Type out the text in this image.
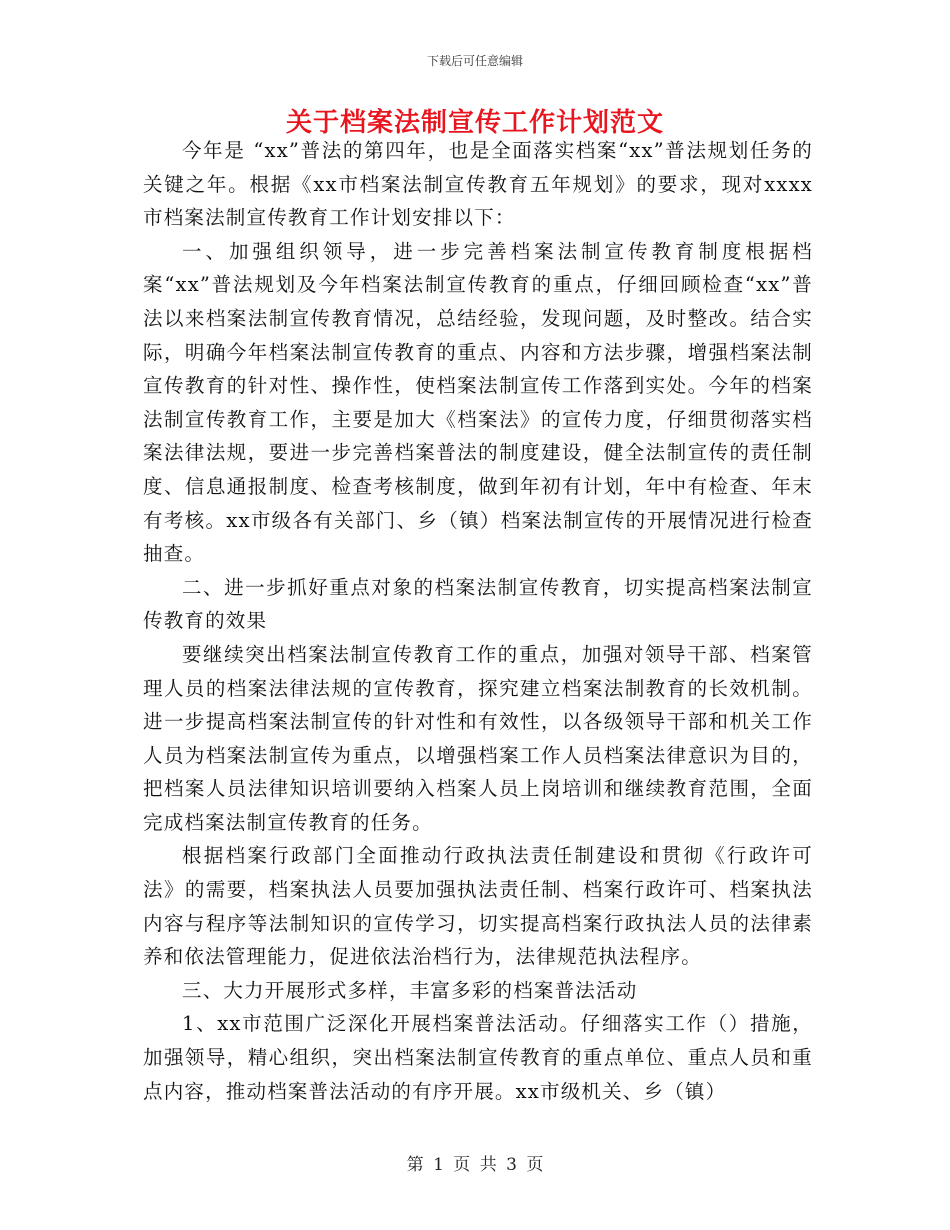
下载后可任意编辑
关于档案法制宣传工作计划范文

今年是 “xx”普法的第四年，也是全面落实档案“xx”普法规划任务的关键之年。根据《xx市档案法制宣传教育五年规划》的要求，现对xxxx市档案法制宣传教育工作计划安排以下：

一、加强组织领导，进一步完善档案法制宣传教育制度根据档案“xx”普法规划及今年档案法制宣传教育的重点，仔细回顾检查“xx”普法以来档案法制宣传教育情况，总结经验，发现问题，及时整改。结合实际，明确今年档案法制宣传教育的重点、内容和方法步骤，增强档案法制宣传教育的针对性、操作性，使档案法制宣传工作落到实处。今年的档案法制宣传教育工作，主要是加大《档案法》的宣传力度，仔细贯彻落实档案法律法规，要进一步完善档案普法的制度建设，健全法制宣传的责任制度、信息通报制度、检查考核制度，做到年初有计划，年中有检查、年末有考核。xx市级各有关部门、乡（镇）档案法制宣传的开展情况进行检查抽查。

二、进一步抓好重点对象的档案法制宣传教育，切实提高档案法制宣传教育的效果

要继续突出档案法制宣传教育工作的重点，加强对领导干部、档案管理人员的档案法律法规的宣传教育，探究建立档案法制教育的长效机制。进一步提高档案法制宣传的针对性和有效性，以各级领导干部和机关工作人员为档案法制宣传为重点，以增强档案工作人员档案法律意识为目的，把档案人员法律知识培训要纳入档案人员上岗培训和继续教育范围，全面完成档案法制宣传教育的任务。

根据档案行政部门全面推动行政执法责任制建设和贯彻《行政许可法》的需要，档案执法人员要加强执法责任制、档案行政许可、档案执法内容与程序等法制知识的宣传学习，切实提高档案行政执法人员的法律素养和依法管理能力，促进依法治档行为，法律规范执法程序。

三、大力开展形式多样，丰富多彩的档案普法活动

1、xx市范围广泛深化开展档案普法活动。仔细落实工作（）措施，加强领导，精心组织，突出档案法制宣传教育的重点单位、重点人员和重点内容，推动档案普法活动的有序开展。xx市级机关、乡（镇）

第 1 页 共 3 页
